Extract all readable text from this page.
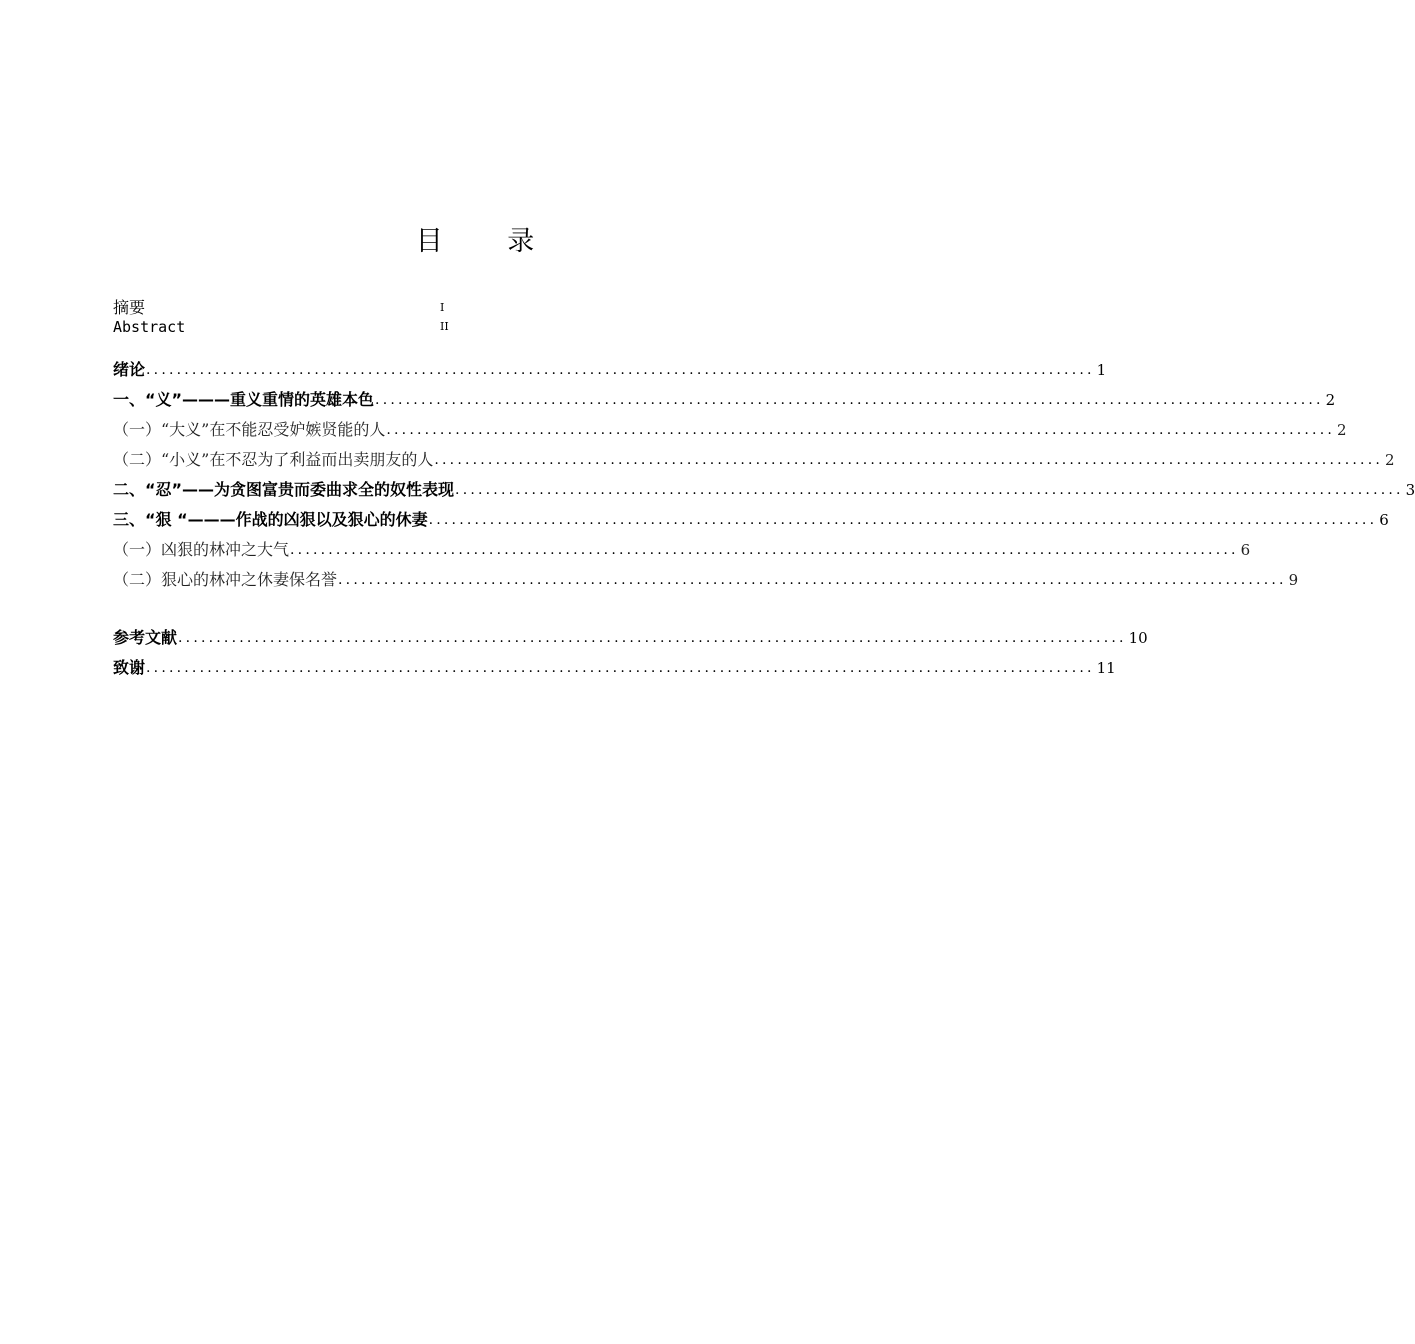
目 录
摘要	I
Abstract	II
绪论 ............................................................................................................................ 1
一、“义”———重义重情的英雄本色 ............................................................................................................................ 2
（一）“大义”在不能忍受妒嫉贤能的人 ............................................................................................................................ 2
（二）“小义”在不忍为了利益而出卖朋友的人 ............................................................................................................................ 2
二、“忍”——为贪图富贵而委曲求全的奴性表现 ............................................................................................................................ 3
三、“狠 “———作战的凶狠以及狠心的休妻 ............................................................................................................................ 6
（一）凶狠的林冲之大气 ............................................................................................................................ 6
（二）狠心的林冲之休妻保名誉 ............................................................................................................................ 9
参考文献 ............................................................................................................................ 10
致谢 ............................................................................................................................ 11
